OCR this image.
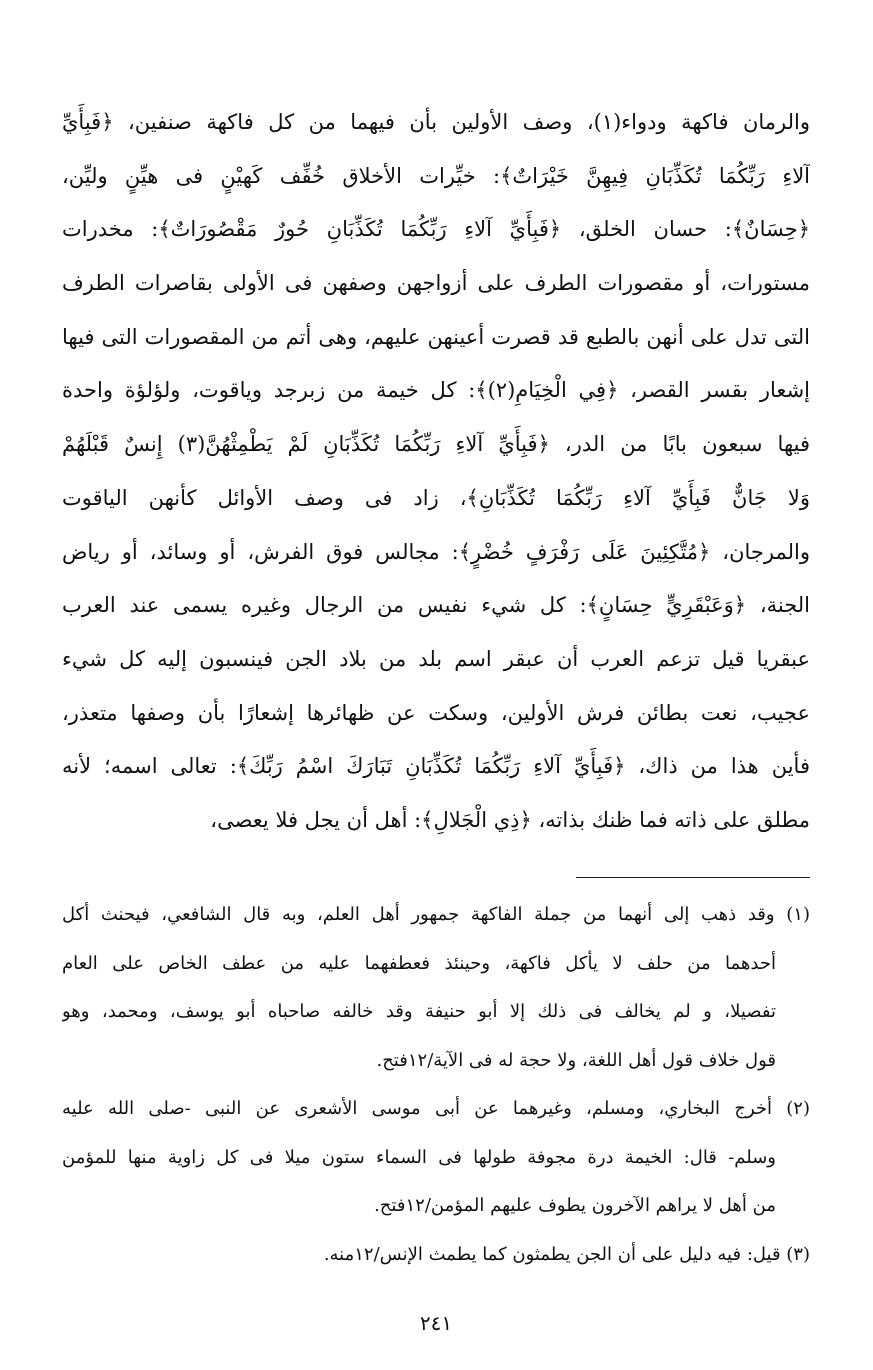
والرمان فاكهة ودواء(١)، وصف الأولين بأن فيهما من كل فاكهة صنفين، ﴿فَبِأَيِّ
آلاءِ رَبِّكُمَا تُكَذِّبَانِ فِيهِنَّ خَيْرَاتٌ﴾: خيِّرات الأخلاق خُفِّف كَهيْنٍ فى هيِّنٍ وليِّن،
﴿حِسَانٌ﴾: حسان الخلق، ﴿فَبِأَيِّ آلاءِ رَبِّكُمَا تُكَذِّبَانِ حُورٌ مَقْصُورَاتٌ﴾: مخدرات
مستورات، أو مقصورات الطرف على أزواجهن وصفهن فى الأولى بقاصرات الطرف
التى تدل على أنهن بالطبع قد قصرت أعينهن عليهم، وهى أتم من المقصورات التى فيها
إشعار بقسر القصر، ﴿فِي الْخِيَامِ(٢)﴾: كل خيمة من زبرجد وياقوت، ولؤلؤة واحدة
فيها سبعون بابًا من الدر، ﴿فَبِأَيِّ آلاءِ رَبِّكُمَا تُكَذِّبَانِ لَمْ يَطْمِثْهُنَّ(٣) إِنسٌ قَبْلَهُمْ
وَلا جَانٌّ فَبِأَيِّ آلاءِ رَبِّكُمَا تُكَذِّبَانِ﴾، زاد فى وصف الأوائل كأنهن الياقوت
والمرجان، ﴿مُتَّكِئِينَ عَلَى رَفْرَفٍ خُضْرٍ﴾: مجالس فوق الفرش، أو وسائد، أو رياض
الجنة، ﴿وَعَبْقَرِيٍّ حِسَانٍ﴾: كل شيء نفيس من الرجال وغيره يسمى عند العرب
عبقريا قيل تزعم العرب أن عبقر اسم بلد من بلاد الجن فينسبون إليه كل شيء
عجيب، نعت بطائن فرش الأولين، وسكت عن ظهائرها إشعارًا بأن وصفها متعذر،
فأين هذا من ذاك، ﴿فَبِأَيِّ آلاءِ رَبِّكُمَا تُكَذِّبَانِ تَبَارَكَ اسْمُ رَبِّكَ﴾: تعالى اسمه؛ لأنه
مطلق على ذاته فما ظنك بذاته، ﴿ذِي الْجَلالِ﴾: أهل أن يجل فلا يعصى،
(١) وقد ذهب إلى أنهما من جملة الفاكهة جمهور أهل العلم، وبه قال الشافعي، فيحنث أكل
أحدهما من حلف لا يأكل فاكهة، وحينئذ فعطفهما عليه من عطف الخاص على العام
تفصيلا، و لم يخالف فى ذلك إلا أبو حنيفة وقد خالفه صاحباه أبو يوسف، ومحمد، وهو
قول خلاف قول أهل اللغة، ولا حجة له فى الآية/١٢فتح.
(٢) أخرج البخاري، ومسلم، وغيرهما عن أبى موسى الأشعرى عن النبى -صلى الله عليه
وسلم- قال: الخيمة درة مجوفة طولها فى السماء ستون ميلا فى كل زاوية منها للمؤمن
من أهل لا يراهم الآخرون يطوف عليهم المؤمن/١٢فتح.
(٣) قيل: فيه دليل على أن الجن يطمثون كما يطمث الإنس/١٢منه.
٢٤١
